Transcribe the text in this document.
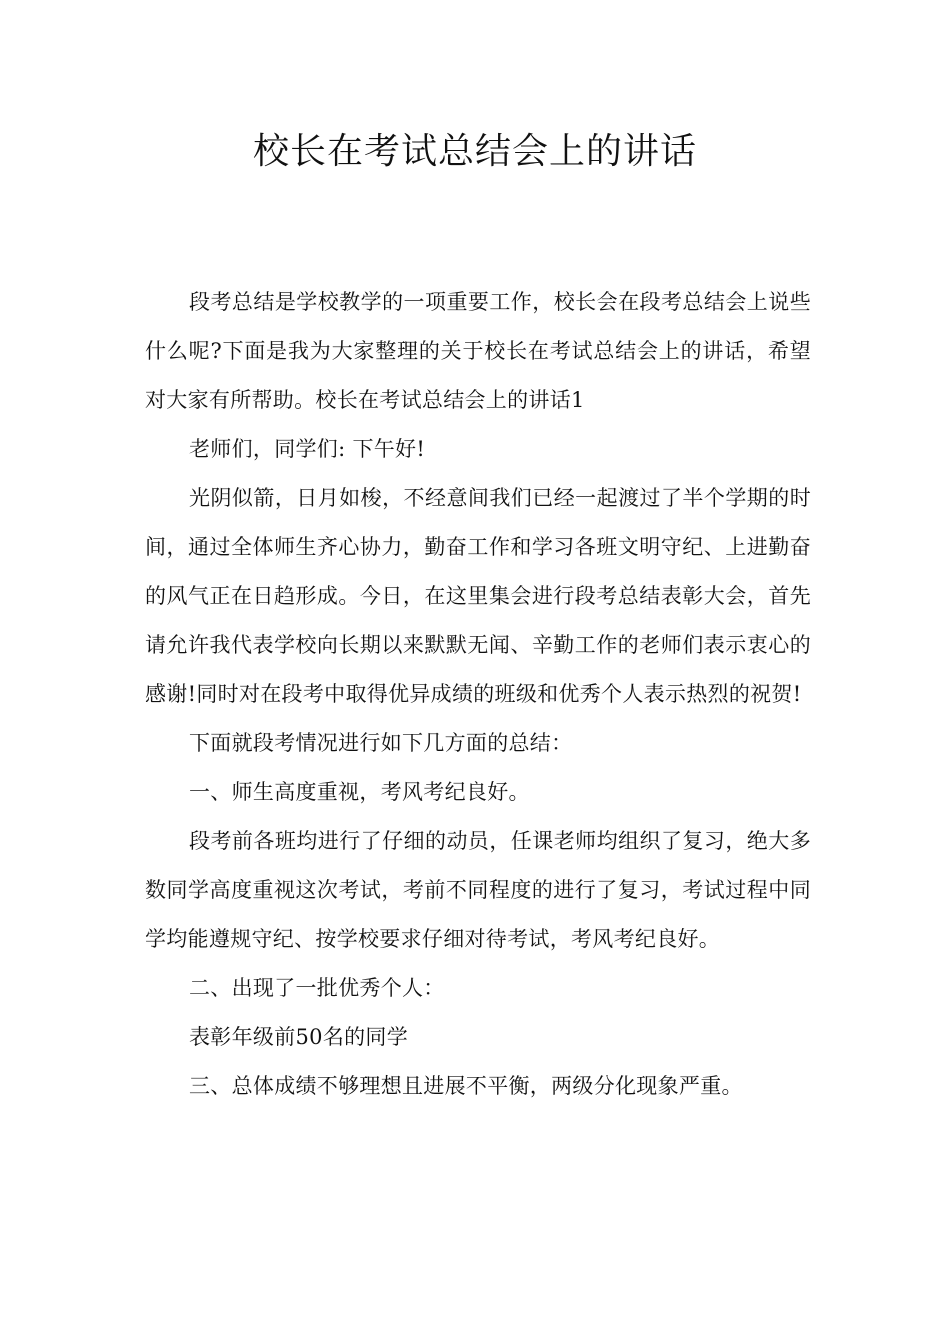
校长在考试总结会上的讲话

段考总结是学校教学的一项重要工作，校长会在段考总结会上说些什么呢?下面是我为大家整理的关于校长在考试总结会上的讲话，希望对大家有所帮助。校长在考试总结会上的讲话1

老师们，同学们: 下午好!

光阴似箭，日月如梭，不经意间我们已经一起渡过了半个学期的时间，通过全体师生齐心协力，勤奋工作和学习各班文明守纪、上进勤奋的风气正在日趋形成。今日，在这里集会进行段考总结表彰大会，首先请允许我代表学校向长期以来默默无闻、辛勤工作的老师们表示衷心的感谢!同时对在段考中取得优异成绩的班级和优秀个人表示热烈的祝贺!

下面就段考情况进行如下几方面的总结：

一、师生高度重视，考风考纪良好。

段考前各班均进行了仔细的动员，任课老师均组织了复习，绝大多数同学高度重视这次考试，考前不同程度的进行了复习，考试过程中同学均能遵规守纪、按学校要求仔细对待考试，考风考纪良好。

二、出现了一批优秀个人：

表彰年级前50名的同学

三、总体成绩不够理想且进展不平衡，两级分化现象严重。
